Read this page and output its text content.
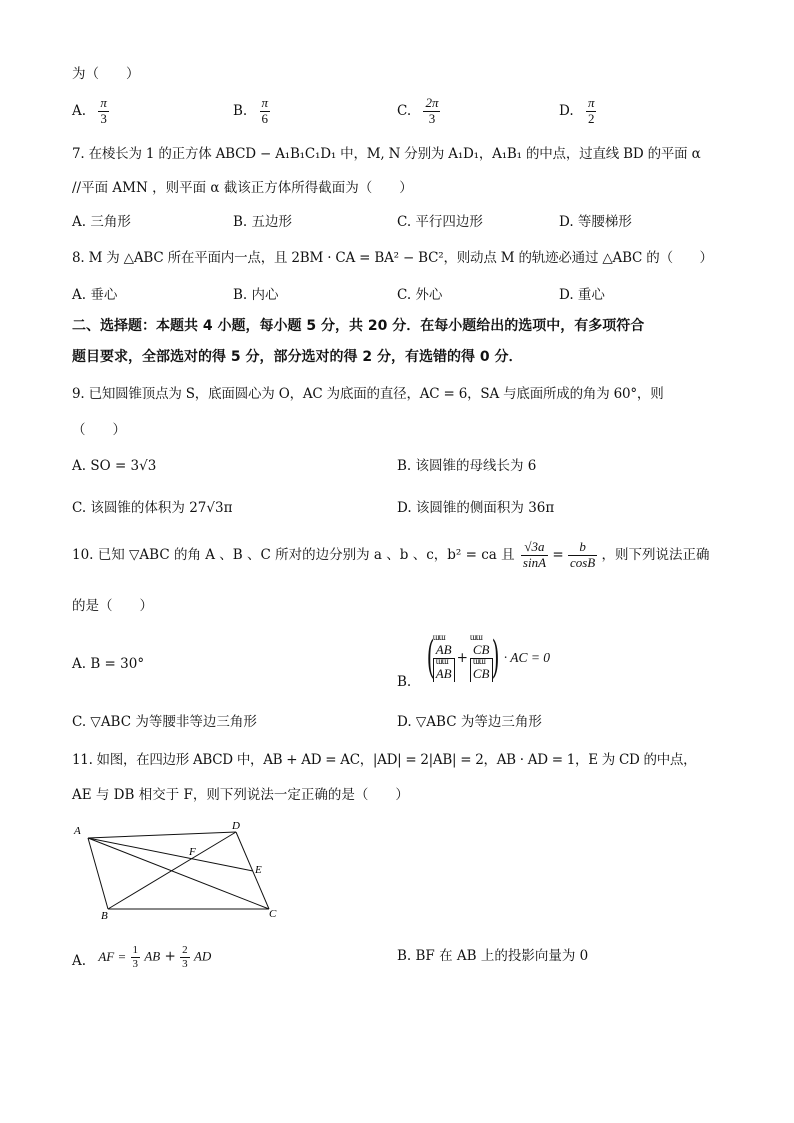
为（　　）
A. $\frac{\pi}{3}$	B. $\frac{\pi}{6}$	C. $\frac{2\pi}{3}$	D. $\frac{\pi}{2}$
7. 在棱长为 1 的正方体 ABCD − A₁B₁C₁D₁ 中，M, N 分别为 A₁D₁，A₁B₁ 的中点，过直线 BD 的平面 α
//平面 AMN ，则平面 α 截该正方体所得截面为（　　）
A. 三角形	B. 五边形	C. 平行四边形	D. 等腰梯形
8. M 为 △ABC 所在平面内一点，且 2BM · CA = BA² − BC²，则动点 M 的轨迹必通过 △ABC 的（　　）
A. 垂心	B. 内心	C. 外心	D. 重心
二、选择题：本题共 4 小题，每小题 5 分，共 20 分．在每小题给出的选项中，有多项符合
题目要求，全部选对的得 5 分，部分选对的得 2 分，有选错的得 0 分．
9. 已知圆锥顶点为 S，底面圆心为 O，AC 为底面的直径，AC = 6，SA 与底面所成的角为 60°，则
（　　）
A. SO = 3√3	B. 该圆锥的母线长为 6
C. 该圆锥的体积为 27√3π	D. 该圆锥的侧面积为 36π
10. 已知 ▽ABC 的角 A 、B 、C 所对的边分别为 a 、b 、c，b² = ca 且 $\frac{√3a}{\sin A} = \frac{b}{\cos B}$ ，则下列说法正确
的是（　　）
A. B = 30°
B. (
ɯɯ AB
ɯɯ AB +
ɯɯ CB
ɯɯ CB
) · AC = 0
C. ▽ABC 为等腰非等边三角形	D. ▽ABC 为等边三角形
11. 如图，在四边形 ABCD 中，AB + AD = AC，|AD| = 2|AB| = 2，AB · AD = 1，E 为 CD 的中点，
AE 与 DB 相交于 F，则下列说法一定正确的是（　　）
A	D
F
E
B	C
A. AF = $\frac{1}{3}$ AB + $\frac{2}{3}$ AD	B. BF 在 AB 上的投影向量为 0
